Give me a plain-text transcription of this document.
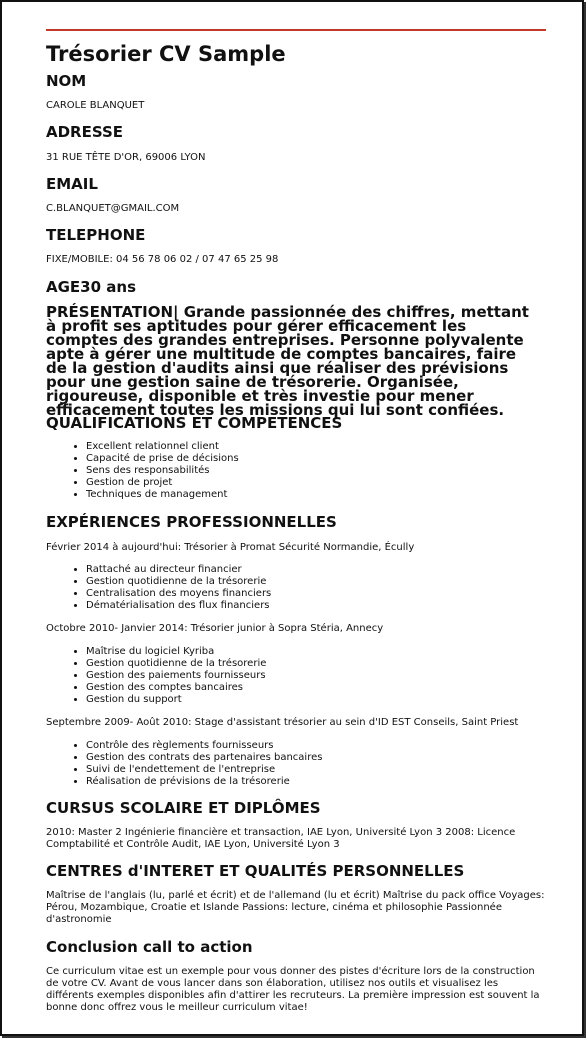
Trésorier CV Sample
NOM

CAROLE BLANQUET

ADRESSE

31 RUE TÊTE D'OR, 69006 LYON

EMAIL

C.BLANQUET@GMAIL.COM

TELEPHONE

FIXE/MOBILE: 04 56 78 06 02 / 07 47 65 25 98

AGE30 ans

PRÉSENTATION| Grande passionnée des chiffres, mettant à profit ses aptitudes pour gérer efficacement les comptes des grandes entreprises. Personne polyvalente apte à gérer une multitude de comptes bancaires, faire de la gestion d'audits ainsi que réaliser des prévisions pour une gestion saine de trésorerie. Organisée, rigoureuse, disponible et très investie pour mener efficacement toutes les missions qui lui sont confiées.

QUALIFICATIONS ET COMPETENCES
• Excellent relationnel client
• Capacité de prise de décisions
• Sens des responsabilités
• Gestion de projet
• Techniques de management
EXPÉRIENCES PROFESSIONNELLES

Février 2014 à aujourd'hui: Trésorier à Promat Sécurité Normandie, Écully

• Rattaché au directeur financier
• Gestion quotidienne de la trésorerie
• Centralisation des moyens financiers
• Dématérialisation des flux financiers

Octobre 2010- Janvier 2014: Trésorier junior à Sopra Stéria, Annecy

• Maîtrise du logiciel Kyriba
• Gestion quotidienne de la trésorerie
• Gestion des paiements fournisseurs
• Gestion des comptes bancaires
• Gestion du support

Septembre 2009- Août 2010: Stage d'assistant trésorier au sein d'ID EST Conseils, Saint Priest

• Contrôle des règlements fournisseurs
• Gestion des contrats des partenaires bancaires
• Suivi de l'endettement de l'entreprise
• Réalisation de prévisions de la trésorerie
CURSUS SCOLAIRE ET DIPLÔMES

2010: Master 2 Ingénierie financière et transaction, IAE Lyon, Université Lyon 3 2008: Licence Comptabilité et Contrôle Audit, IAE Lyon, Université Lyon 3

CENTRES d'INTERET ET QUALITÉS PERSONNELLES

Maîtrise de l'anglais (lu, parlé et écrit) et de l'allemand (lu et écrit) Maîtrise du pack office Voyages: Pérou, Mozambique, Croatie et Islande Passions: lecture, cinéma et philosophie Passionnée d'astronomie

Conclusion call to action

Ce curriculum vitae est un exemple pour vous donner des pistes d'écriture lors de la construction de votre CV. Avant de vous lancer dans son élaboration, utilisez nos outils et visualisez les différents exemples disponibles afin d'attirer les recruteurs. La première impression est souvent la bonne donc offrez vous le meilleur curriculum vitae!
